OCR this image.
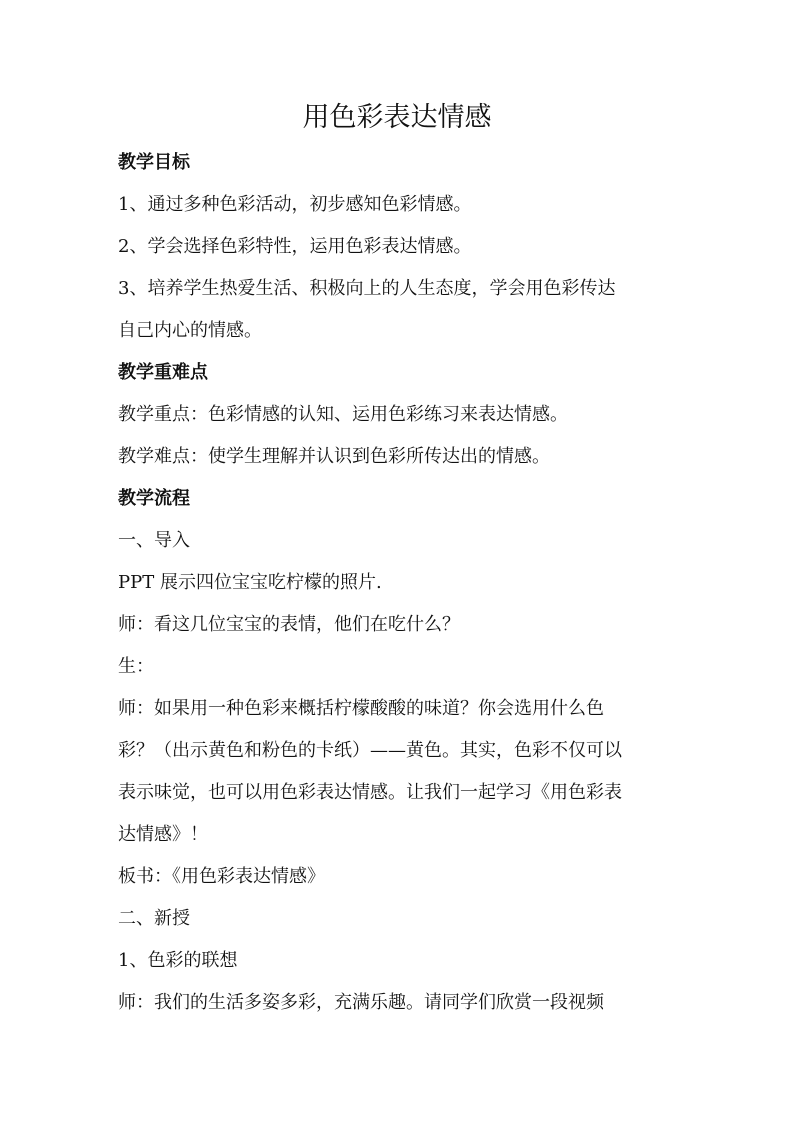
用色彩表达情感

教学目标

1、通过多种色彩活动，初步感知色彩情感。

2、学会选择色彩特性，运用色彩表达情感。

3、培养学生热爱生活、积极向上的人生态度，学会用色彩传达

自己内心的情感。

教学重难点

教学重点：色彩情感的认知、运用色彩练习来表达情感。

教学难点：使学生理解并认识到色彩所传达出的情感。

教学流程

一、导入

PPT 展示四位宝宝吃柠檬的照片.

师：看这几位宝宝的表情，他们在吃什么？

生：

师：如果用一种色彩来概括柠檬酸酸的味道？你会选用什么色

彩？（出示黄色和粉色的卡纸）——黄色。其实，色彩不仅可以

表示味觉，也可以用色彩表达情感。让我们一起学习《用色彩表

达情感》！

板书：《用色彩表达情感》

二、新授

1、色彩的联想

师：我们的生活多姿多彩，充满乐趣。请同学们欣赏一段视频
